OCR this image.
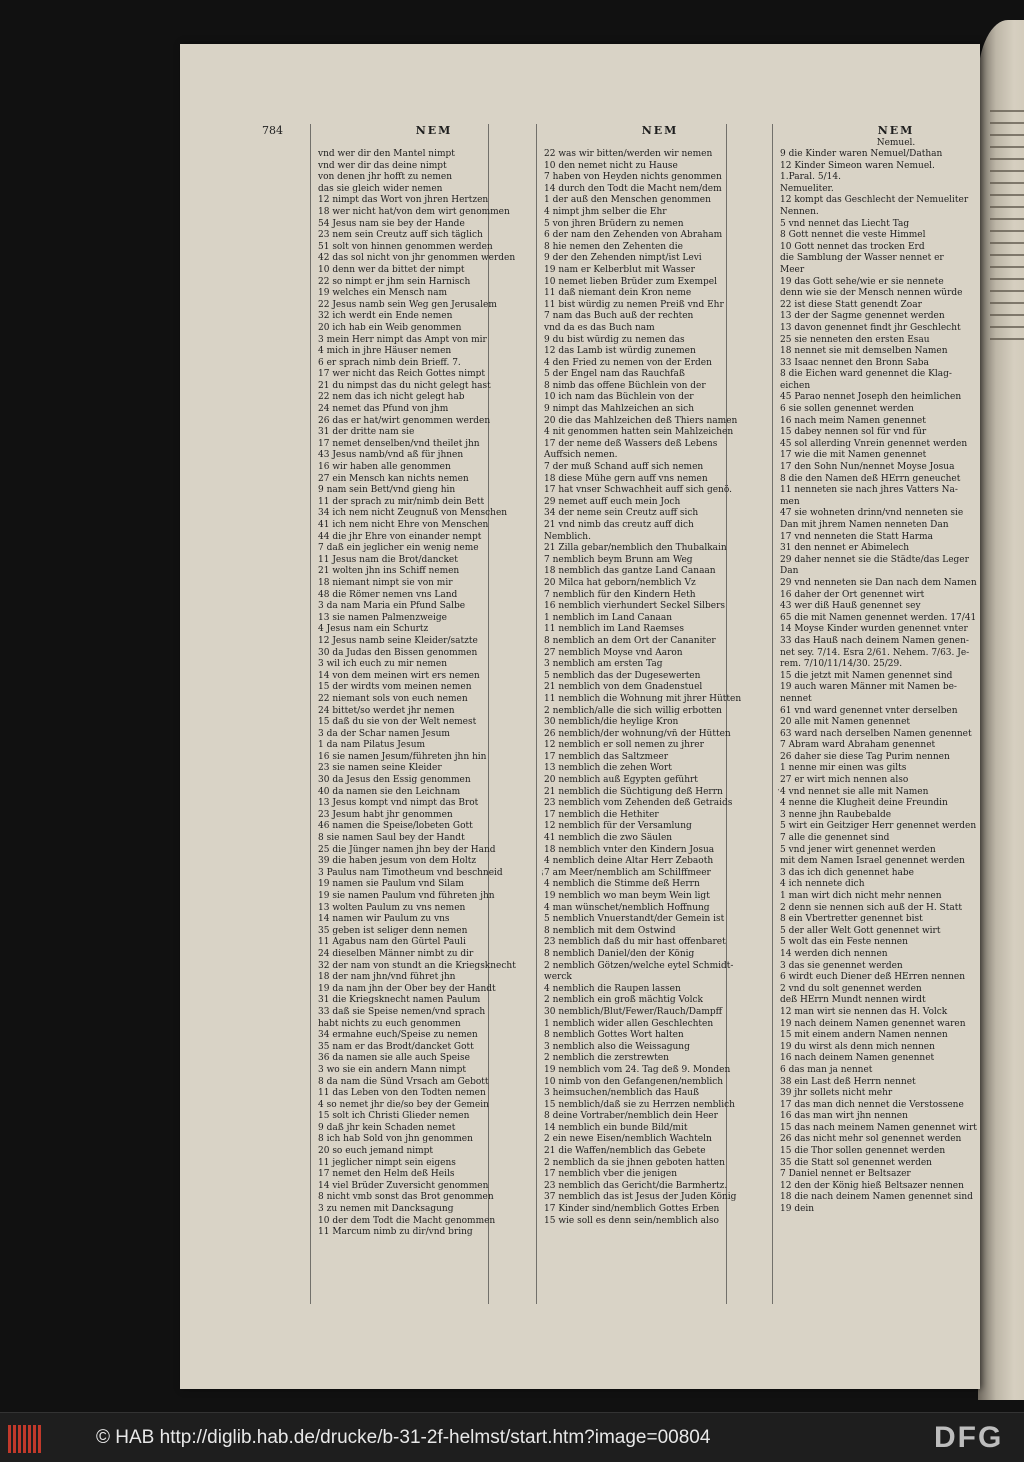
784	NEM
vnd wer dir den Mantel nimpt
vnd wer dir das deine nimpt
von denen jhr hofft zu nemen
das sie gleich wider nemen
12 nimpt das Wort von jhren Hertzen
18 wer nicht hat/von dem wirt genommen
54 Jesus nam sie bey der Hande
23 nem sein Creutz auff sich täglich
51 solt von hinnen genommen werden
42 das sol nicht von jhr genommen werden
10 denn wer da bittet der nimpt
22 so nimpt er jhm sein Harnisch
19 welches ein Mensch nam
22 Jesus namb sein Weg gen Jerusalem
32 ich werdt ein Ende nemen
20 ich hab ein Weib genommen
3 mein Herr nimpt das Ampt von mir
4 mich in jhre Häuser nemen
6 er sprach nimb dein Brieff. 7.
17 wer nicht das Reich Gottes nimpt
21 du nimpst das du nicht gelegt hast
22 nem das ich nicht gelegt hab
24 nemet das Pfund von jhm
26 das er hat/wirt genommen werden
31 der dritte nam sie
17 nemet denselben/vnd theilet jhn
43 Jesus namb/vnd aß für jhnen
16 wir haben alle genommen
27 ein Mensch kan nichts nemen
9 nam sein Bett/vnd gieng hin
11 der sprach zu mir/nimb dein Bett
34 ich nem nicht Zeugnuß von Menschen
41 ich nem nicht Ehre von Menschen
44 die jhr Ehre von einander nempt
7 daß ein jeglicher ein wenig neme
11 Jesus nam die Brot/dancket
21 wolten jhn ins Schiff nemen
18 niemant nimpt sie von mir
48 die Römer nemen vns Land
3 da nam Maria ein Pfund Salbe
13 sie namen Palmenzweige
4 Jesus nam ein Schurtz
12 Jesus namb seine Kleider/satzte
30 da Judas den Bissen genommen
3 wil ich euch zu mir nemen
14 von dem meinen wirt ers nemen
15 der wirdts vom meinen nemen
22 niemant sols von euch nemen
24 bittet/so werdet jhr nemen
15 daß du sie von der Welt nemest
3 da der Schar namen Jesum
1 da nam Pilatus Jesum
16 sie namen Jesum/führeten jhn hin
23 sie namen seine Kleider
30 da Jesus den Essig genommen
40 da namen sie den Leichnam
13 Jesus kompt vnd nimpt das Brot
23 Jesum habt jhr genommen
46 namen die Speise/lobeten Gott
8 sie namen Saul bey der Handt
25 die Jünger namen jhn bey der Hand
39 die haben jesum von dem Holtz
3 Paulus nam Timotheum vnd beschneid
19 namen sie Paulum vnd Silam
19 sie namen Paulum vnd führeten jhn
13 wolten Paulum zu vns nemen
14 namen wir Paulum zu vns
35 geben ist seliger denn nemen
11 Agabus nam den Gürtel Pauli
24 dieselben Männer nimbt zu dir
32 der nam von stundt an die Kriegsknecht
18 der nam jhn/vnd führet jhn
19 da nam jhn der Ober bey der Handt
31 die Kriegsknecht namen Paulum
33 daß sie Speise nemen/vnd sprach
habt nichts zu euch genommen
34 ermahne euch/Speise zu nemen
35 nam er das Brodt/dancket Gott
36 da namen sie alle auch Speise
3 wo sie ein andern Mann nimpt
8 da nam die Sünd Vrsach am Gebott
11 das Leben von den Todten nemen
4 so nemet jhr die/so bey der Gemein
15 solt ich Christi Glieder nemen
9 daß jhr kein Schaden nemet
8 ich hab Sold von jhn genommen
20 so euch jemand nimpt
11 jeglicher nimpt sein eigens
17 nemet den Helm deß Heils
14 viel Brüder Zuversicht genommen
8 nicht vmb sonst das Brot genommen
3 zu nemen mit Dancksagung
10 der dem Todt die Macht genommen
11 Marcum nimb zu dir/vnd bring
NEM
22 was wir bitten/werden wir nemen
10 den nemet nicht zu Hause
7 haben von Heyden nichts genommen
14 durch den Todt die Macht nem/dem
1 der auß den Menschen genommen
4 nimpt jhm selber die Ehr
5 von jhren Brüdern zu nemen
6 der nam den Zehenden von Abraham
8 hie nemen den Zehenten die
9 der den Zehenden nimpt/ist Levi
19 nam er Kelberblut mit Wasser
10 nemet lieben Brüder zum Exempel
11 daß niemant dein Kron neme
11 bist würdig zu nemen Preiß vnd Ehr
7 nam das Buch auß der rechten
vnd da es das Buch nam
9 du bist würdig zu nemen das
12 das Lamb ist würdig zunemen
4 den Fried zu nemen von der Erden
5 der Engel nam das Rauchfaß
8 nimb das offene Büchlein von der
10 ich nam das Büchlein von der
9 nimpt das Mahlzeichen an sich
20 die das Mahlzeichen deß Thiers namen
4 nit genommen hatten sein Mahlzeichen
17 der neme deß Wassers deß Lebens
Auffsich nemen.
7 der muß Schand auff sich nemen
18 diese Mühe gern auff vns nemen
17 hat vnser Schwachheit auff sich genö.
29 nemet auff euch mein Joch
34 der neme sein Creutz auff sich
21 vnd nimb das creutz auff dich
Nemblich.
21 Zilla gebar/nemblich den Thubalkain
7 nemblich beym Brunn am Weg
18 nemblich das gantze Land Canaan
20 Milca hat geborn/nemblich Vz
7 nemblich für den Kindern Heth
16 nemblich vierhundert Seckel Silbers
1 nemblich im Land Canaan
11 nemblich im Land Raemses
8 nemblich an dem Ort der Cananiter
27 nemblich Moyse vnd Aaron
3 nemblich am ersten Tag
5 nemblich das der Dugesewerten
21 nemblich von dem Gnadenstuel
11 nemblich die Wohnung mit jhrer Hütten
2 nemblich/alle die sich willig erbotten
30 nemblich/die heylige Kron
26 nemblich/der wohnung/vñ der Hütten
12 nemblich er soll nemen zu jhrer
17 nemblich das Saltzmeer
13 nemblich die zehen Wort
20 nemblich auß Egypten geführt
21 nemblich die Süchtigung deß Herrn
23 nemblich vom Zehenden deß Getraids
17 nemblich die Hethiter
12 nemblich für der Versamlung
41 nemblich die zwo Säulen
18 nemblich vnter den Kindern Josua
4 nemblich deine Altar Herr Zebaoth
7 am Meer/nemblich am Schilffmeer
4 nemblich die Stimme deß Herrn
19 nemblich wo man beym Wein ligt
4 man wünschet/nemblich Hoffnung
5 nemblich Vnuerstandt/der Gemein ist
8 nemblich mit dem Ostwind
23 nemblich daß du mir hast offenbaret
8 nemblich Daniel/den der König
2 nemblich Götzen/welche eytel Schmidt-
werck
4 nemblich die Raupen lassen
2 nemblich ein groß mächtig Volck
30 nemblich/Blut/Fewer/Rauch/Dampff
1 nemblich wider allen Geschlechten
8 nemblich Gottes Wort halten
3 nemblich also die Weissagung
2 nemblich die zerstrewten
19 nemblich vom 24. Tag deß 9. Monden
10 nimb von den Gefangenen/nemblich
3 heimsuchen/nemblich das Hauß
15 nemblich/daß sie zu Herrzen nemblich
8 deine Vortraber/nemblich dein Heer
14 nemblich ein bunde Bild/mit
2 ein newe Eisen/nemblich Wachteln
21 die Waffen/nemblich das Gebete
2 nemblich da sie jhnen geboten hatten
17 nemblich vber die jenigen
23 nemblich das Gericht/die Barmhertz.
37 nemblich das ist Jesus der Juden König
17 Kinder sind/nemblich Gottes Erben
15 wie soll es denn sein/nemblich also
NEM
Nemuel.
9 die Kinder waren Nemuel/Dathan
12 Kinder Simeon waren Nemuel.
1.Paral. 5/14.
Nemueliter.
12 kompt das Geschlecht der Nemueliter
Nennen.
5 vnd nennet das Liecht Tag
8 Gott nennet die veste Himmel
10 Gott nennet das trocken Erd
die Samblung der Wasser nennet er
Meer
19 das Gott sehe/wie er sie nennete
denn wie sie der Mensch nennen würde
22 ist diese Statt genendt Zoar
13 der der Sagme genennet werden
13 davon genennet findt jhr Geschlecht
25 sie nenneten den ersten Esau
18 nennet sie mit demselben Namen
33 Isaac nennet den Bronn Saba
8 die Eichen ward genennet die Klag-
eichen
45 Parao nennet Joseph den heimlichen
6 sie sollen genennet werden
16 nach meim Namen genennet
15 dabey nennen sol für vnd für
45 sol allerding Vnrein genennet werden
17 wie die mit Namen genennet
17 den Sohn Nun/nennet Moyse Josua
8 die den Namen deß HErrn geneuchet
11 nenneten sie nach jhres Vatters Na-
men
47 sie wohneten drinn/vnd nenneten sie
Dan mit jhrem Namen nenneten Dan
17 vnd nenneten die Statt Harma
31 den nennet er Abimelech
29 daher nennet sie die Städte/das Leger
Dan
29 vnd nenneten sie Dan nach dem Namen
16 daher der Ort genennet wirt
43 wer diß Hauß genennet sey
65 die mit Namen genennet werden. 17/41
14 Moyse Kinder wurden genennet vnter
33 das Hauß nach deinem Namen genen-
net sey. 7/14. Esra 2/61. Nehem. 7/63. Je-
rem. 7/10/11/14/30. 25/29.
15 die jetzt mit Namen genennet sind
19 auch waren Männer mit Namen be-
nennet
61 vnd ward genennet vnter derselben
20 alle mit Namen genennet
63 ward nach derselben Namen genennet
7 Abram ward Abraham genennet
26 daher sie diese Tag Purim nennen
1 nenne mir einen was gilts
27 er wirt mich nennen also
4 vnd nennet sie alle mit Namen
4 nenne die Klugheit deine Freundin
3 nenne jhn Raubebalde
5 wirt ein Geitziger Herr genennet werden
7 alle die genennet sind
5 vnd jener wirt genennet werden
mit dem Namen Israel genennet werden
3 das ich dich genennet habe
4 ich nennete dich
1 man wirt dich nicht mehr nennen
2 denn sie nennen sich auß der H. Statt
8 ein Vbertretter genennet bist
5 der aller Welt Gott genennet wirt
5 wolt das ein Feste nennen
14 werden dich nennen
3 das sie genennet werden
6 wirdt euch Diener deß HErren nennen
2 vnd du solt genennet werden
deß HErrn Mundt nennen wirdt
12 man wirt sie nennen das H. Volck
19 nach deinem Namen genennet waren
15 mit einem andern Namen nennen
19 du wirst als denn mich nennen
16 nach deinem Namen genennet
6 das man ja nennet
38 ein Last deß Herrn nennet
39 jhr sollets nicht mehr
17 das man dich nennet die Verstossene
16 das man wirt jhn nennen
15 das nach meinem Namen genennet wirt
26 das nicht mehr sol genennet werden
15 die Thor sollen genennet werden
35 die Statt sol genennet werden
7 Daniel nennet er Beltsazer
12 den der König hieß Beltsazer nennen
18 die nach deinem Namen genennet sind
19 dein
© HAB http://diglib.hab.de/drucke/b-31-2f-helmst/start.htm?image=00804	DFG
